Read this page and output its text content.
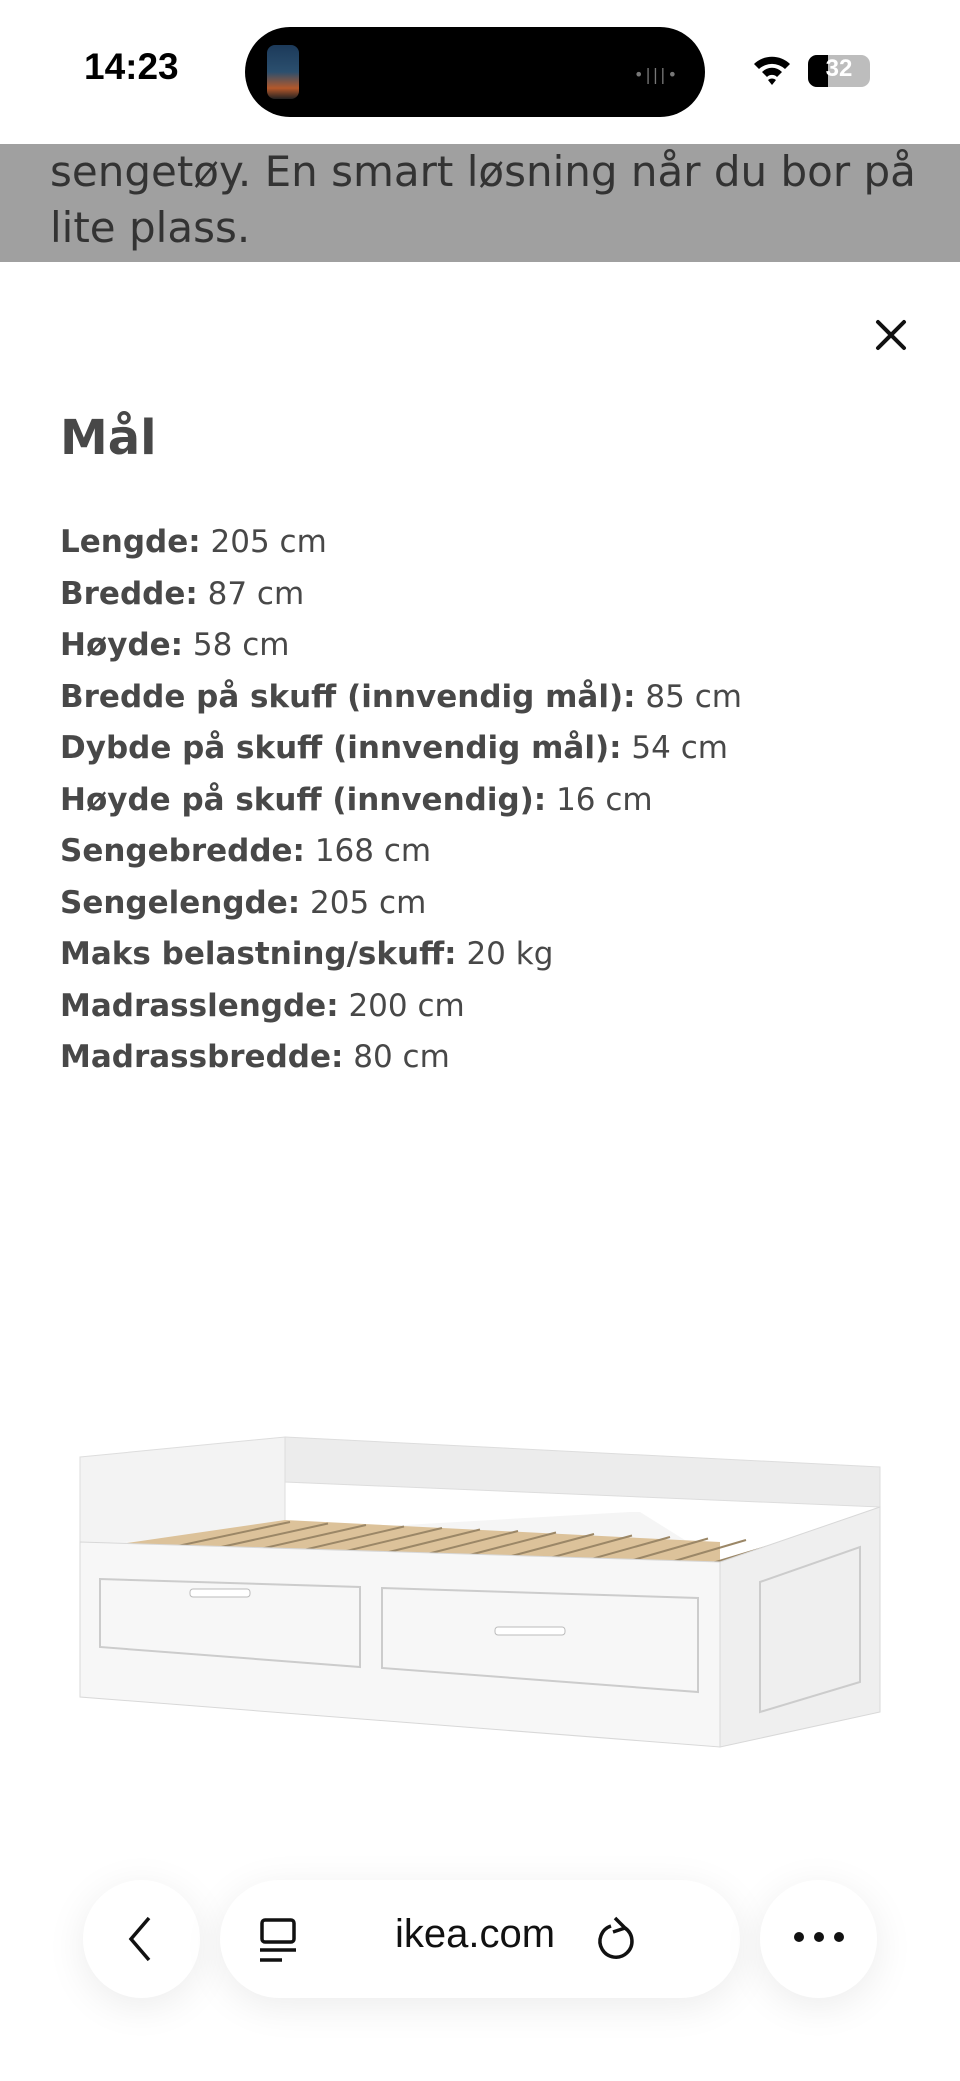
14:23	•|||•	32

sengetøy. En smart løsning når du bor på lite plass.

Mål
Lengde: 205 cm
Bredde: 87 cm
Høyde: 58 cm
Bredde på skuff (innvendig mål): 85 cm
Dybde på skuff (innvendig mål): 54 cm
Høyde på skuff (innvendig): 16 cm
Sengebredde: 168 cm
Sengelengde: 205 cm
Maks belastning/skuff: 20 kg
Madrasslengde: 200 cm
Madrassbredde: 80 cm
ikea.com
